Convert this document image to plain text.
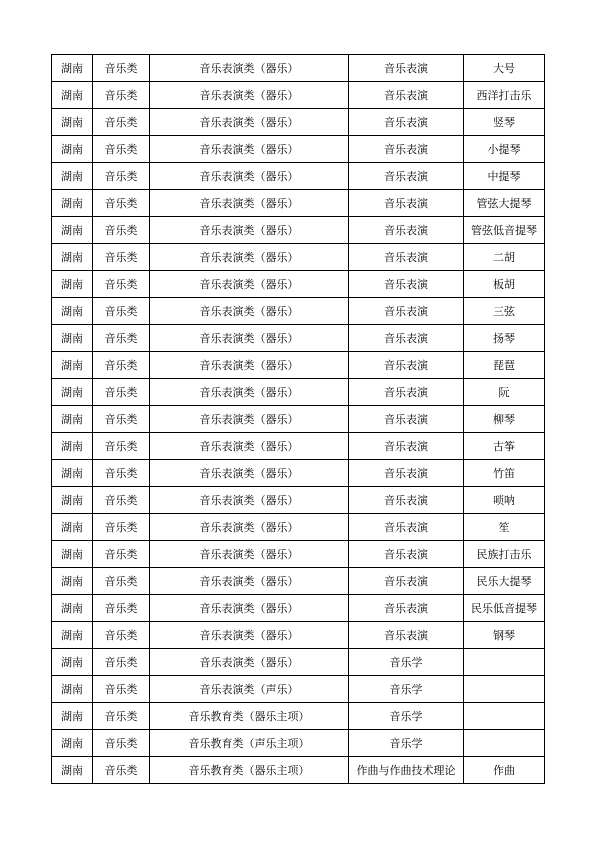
湖南	音乐类	音乐表演类（器乐）	音乐表演	大号
湖南	音乐类	音乐表演类（器乐）	音乐表演	西洋打击乐
湖南	音乐类	音乐表演类（器乐）	音乐表演	竖琴
湖南	音乐类	音乐表演类（器乐）	音乐表演	小提琴
湖南	音乐类	音乐表演类（器乐）	音乐表演	中提琴
湖南	音乐类	音乐表演类（器乐）	音乐表演	管弦大提琴
湖南	音乐类	音乐表演类（器乐）	音乐表演	管弦低音提琴
湖南	音乐类	音乐表演类（器乐）	音乐表演	二胡
湖南	音乐类	音乐表演类（器乐）	音乐表演	板胡
湖南	音乐类	音乐表演类（器乐）	音乐表演	三弦
湖南	音乐类	音乐表演类（器乐）	音乐表演	扬琴
湖南	音乐类	音乐表演类（器乐）	音乐表演	琵琶
湖南	音乐类	音乐表演类（器乐）	音乐表演	阮
湖南	音乐类	音乐表演类（器乐）	音乐表演	柳琴
湖南	音乐类	音乐表演类（器乐）	音乐表演	古筝
湖南	音乐类	音乐表演类（器乐）	音乐表演	竹笛
湖南	音乐类	音乐表演类（器乐）	音乐表演	唢呐
湖南	音乐类	音乐表演类（器乐）	音乐表演	笙
湖南	音乐类	音乐表演类（器乐）	音乐表演	民族打击乐
湖南	音乐类	音乐表演类（器乐）	音乐表演	民乐大提琴
湖南	音乐类	音乐表演类（器乐）	音乐表演	民乐低音提琴
湖南	音乐类	音乐表演类（器乐）	音乐表演	钢琴
湖南	音乐类	音乐表演类（器乐）	音乐学	
湖南	音乐类	音乐表演类（声乐）	音乐学	
湖南	音乐类	音乐教育类（器乐主项）	音乐学	
湖南	音乐类	音乐教育类（声乐主项）	音乐学	
湖南	音乐类	音乐教育类（器乐主项）	作曲与作曲技术理论	作曲
